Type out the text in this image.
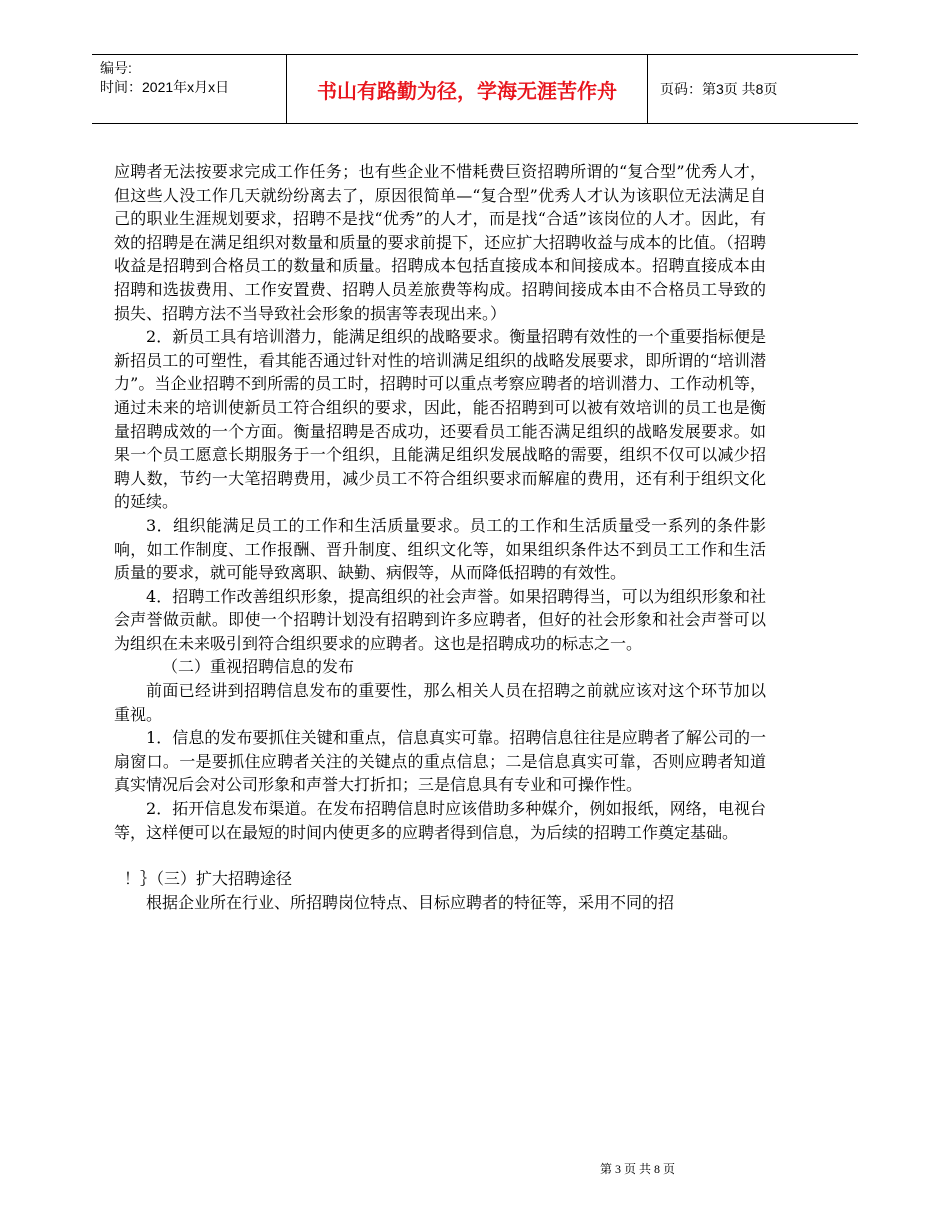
编号:
时间：2021年x月x日	书山有路勤为径，学海无涯苦作舟	页码：第3页 共8页

应聘者无法按要求完成工作任务；也有些企业不惜耗费巨资招聘所谓的“复合型”优秀人才，但这些人没工作几天就纷纷离去了，原因很简单—“复合型”优秀人才认为该职位无法满足自己的职业生涯规划要求，招聘不是找“优秀”的人才，而是找“合适”该岗位的人才。因此，有效的招聘是在满足组织对数量和质量的要求前提下，还应扩大招聘收益与成本的比值。（招聘收益是招聘到合格员工的数量和质量。招聘成本包括直接成本和间接成本。招聘直接成本由招聘和选拔费用、工作安置费、招聘人员差旅费等构成。招聘间接成本由不合格员工导致的损失、招聘方法不当导致社会形象的损害等表现出来。）

2．新员工具有培训潜力，能满足组织的战略要求。衡量招聘有效性的一个重要指标便是新招员工的可塑性，看其能否通过针对性的培训满足组织的战略发展要求，即所谓的“培训潜力”。当企业招聘不到所需的员工时，招聘时可以重点考察应聘者的培训潜力、工作动机等，通过未来的培训使新员工符合组织的要求，因此，能否招聘到可以被有效培训的员工也是衡量招聘成效的一个方面。衡量招聘是否成功，还要看员工能否满足组织的战略发展要求。如果一个员工愿意长期服务于一个组织，且能满足组织发展战略的需要，组织不仅可以减少招聘人数，节约一大笔招聘费用，减少员工不符合组织要求而解雇的费用，还有利于组织文化的延续。

3．组织能满足员工的工作和生活质量要求。员工的工作和生活质量受一系列的条件影响，如工作制度、工作报酬、晋升制度、组织文化等，如果组织条件达不到员工工作和生活质量的要求，就可能导致离职、缺勤、病假等，从而降低招聘的有效性。

4．招聘工作改善组织形象，提高组织的社会声誉。如果招聘得当，可以为组织形象和社会声誉做贡献。即使一个招聘计划没有招聘到许多应聘者，但好的社会形象和社会声誉可以为组织在未来吸引到符合组织要求的应聘者。这也是招聘成功的标志之一。

（二）重视招聘信息的发布

前面已经讲到招聘信息发布的重要性，那么相关人员在招聘之前就应该对这个环节加以重视。

1．信息的发布要抓住关键和重点，信息真实可靠。招聘信息往往是应聘者了解公司的一扇窗口。一是要抓住应聘者关注的关键点的重点信息；二是信息真实可靠，否则应聘者知道真实情况后会对公司形象和声誉大打折扣；三是信息具有专业和可操作性。

2．拓开信息发布渠道。在发布招聘信息时应该借助多种媒介，例如报纸，网络，电视台等，这样便可以在最短的时间内使更多的应聘者得到信息，为后续的招聘工作奠定基础。

！｝（三）扩大招聘途径

根据企业所在行业、所招聘岗位特点、目标应聘者的特征等，采用不同的招

第 3 页 共 8 页
